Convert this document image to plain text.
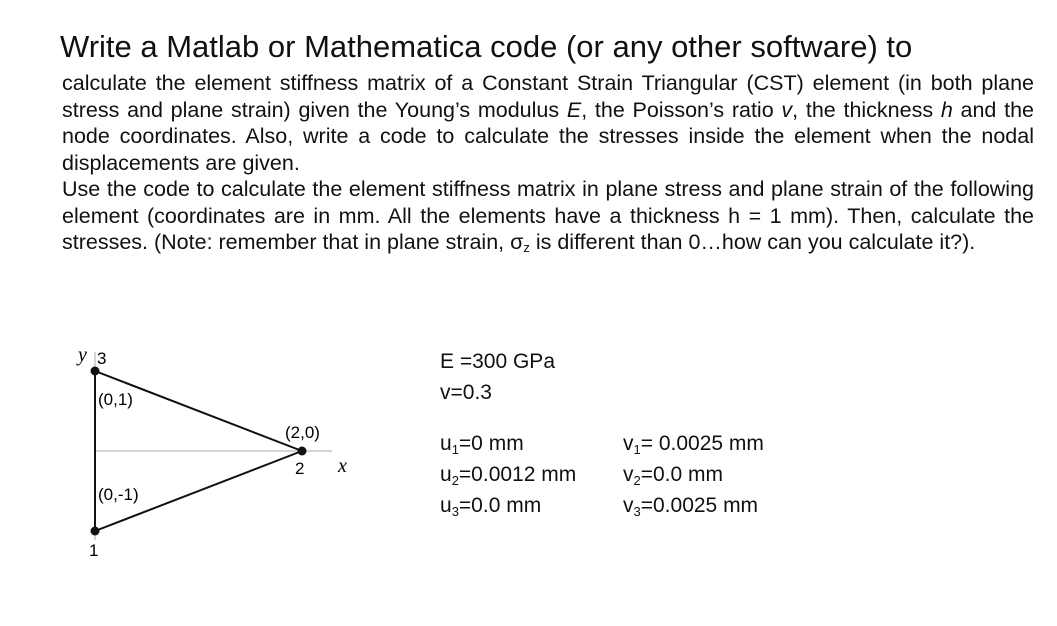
Write a Matlab or Mathematica code (or any other software) to

calculate the element stiffness matrix of a Constant Strain Triangular (CST) element (in both plane stress and plane strain) given the Young’s modulus E, the Poisson’s ratio v, the thickness h and the node coordinates. Also, write a code to calculate the stresses inside the element when the nodal displacements are given.

Use the code to calculate the element stiffness matrix in plane stress and plane strain of the following element (coordinates are in mm. All the elements have a thickness h = 1 mm). Then, calculate the stresses. (Note: remember that in plane strain, $\sigma_z$ is different than 0…how can you calculate it?).

y 3
(0,1)
(2,0)
2 x
(0,-1)
1
E =300 GPa
v=0.3
u1=0 mm	v1= 0.0025 mm
u2=0.0012 mm v2=0.0 mm
u3=0.0 mm	v3=0.0025 mm
